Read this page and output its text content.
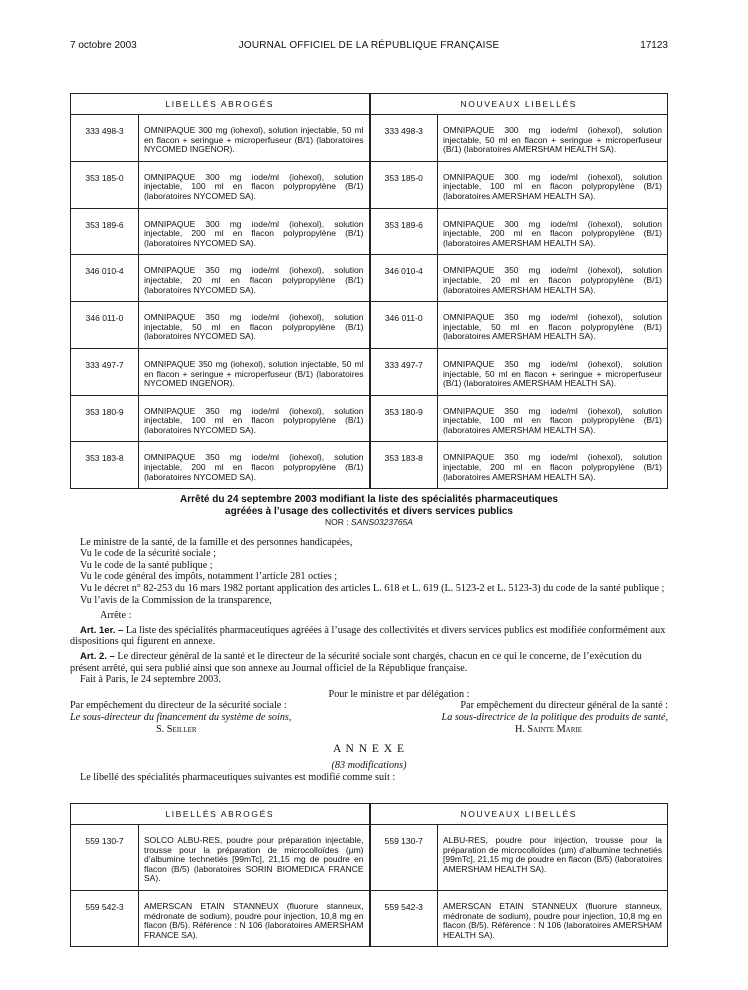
7 octobre 2003	JOURNAL OFFICIEL DE LA RÉPUBLIQUE FRANÇAISE	17123
LIBELLÉS ABROGÉS		NOUVEAUX LIBELLÉS	
333 498-3	OMNIPAQUE 300 mg (iohexol), solution injectable, 50 ml en flacon + seringue + microperfuseur (B/1) (laboratoires NYCOMED INGENOR).	333 498-3	OMNIPAQUE 300 mg iode/ml (iohexol), solution injectable, 50 ml en flacon + seringue + microperfuseur (B/1) (laboratoires AMERSHAM HEALTH SA).
353 185-0	OMNIPAQUE 300 mg iode/ml (iohexol), solution injectable, 100 ml en flacon polypropylène (B/1) (laboratoires NYCOMED SA).	353 185-0	OMNIPAQUE 300 mg iode/ml (iohexol), solution injectable, 100 ml en flacon polypropylène (B/1) (laboratoires AMERSHAM HEALTH SA).
353 189-6	OMNIPAQUE 300 mg iode/ml (iohexol), solution injectable, 200 ml en flacon polypropylène (B/1) (laboratoires NYCOMED SA).	353 189-6	OMNIPAQUE 300 mg iode/ml (iohexol), solution injectable, 200 ml en flacon polypropylène (B/1) (laboratoires AMERSHAM HEALTH SA).
346 010-4	OMNIPAQUE 350 mg iode/ml (iohexol), solution injectable, 20 ml en flacon polypropylène (B/1) (laboratoires NYCOMED SA).	346 010-4	OMNIPAQUE 350 mg iode/ml (iohexol), solution injectable, 20 ml en flacon polypropylène (B/1) (laboratoires AMERSHAM HEALTH SA).
346 011-0	OMNIPAQUE 350 mg iode/ml (iohexol), solution injectable, 50 ml en flacon polypropylène (B/1) (laboratoires NYCOMED SA).	346 011-0	OMNIPAQUE 350 mg iode/ml (iohexol), solution injectable, 50 ml en flacon polypropylène (B/1) (laboratoires AMERSHAM HEALTH SA).
333 497-7	OMNIPAQUE 350 mg (iohexol), solution injectable, 50 ml en flacon + seringue + microperfuseur (B/1) (laboratoires NYCOMED INGENOR).	333 497-7	OMNIPAQUE 350 mg iode/ml (iohexol), solution injectable, 50 ml en flacon + seringue + microperfuseur (B/1) (laboratoires AMERSHAM HEALTH SA).
353 180-9	OMNIPAQUE 350 mg iode/ml (iohexol), solution injectable, 100 ml en flacon polypropylène (B/1) (laboratoires NYCOMED SA).	353 180-9	OMNIPAQUE 350 mg iode/ml (iohexol), solution injectable, 100 ml en flacon polypropylène (B/1) (laboratoires AMERSHAM HEALTH SA).
353 183-8	OMNIPAQUE 350 mg iode/ml (iohexol), solution injectable, 200 ml en flacon polypropylène (B/1) (laboratoires NYCOMED SA).	353 183-8	OMNIPAQUE 350 mg iode/ml (iohexol), solution injectable, 200 ml en flacon polypropylène (B/1) (laboratoires AMERSHAM HEALTH SA).
Arrêté du 24 septembre 2003 modifiant la liste des spécialités pharmaceutiques
agréées à l’usage des collectivités et divers services publics
NOR : SANS0323765A
Le ministre de la santé, de la famille et des personnes handicapées,
Vu le code de la sécurité sociale ;
Vu le code de la santé publique ;
Vu le code général des impôts, notamment l’article 281 octies ;
Vu le décret n° 82-253 du 16 mars 1982 portant application des articles L. 618 et L. 619 (L. 5123-2 et L. 5123-3) du code de la santé publique ;
Vu l’avis de la Commission de la transparence,
Arrête :
Art. 1er. – La liste des spécialités pharmaceutiques agréées à l’usage des collectivités et divers services publics est modifiée conformément aux dispositions qui figurent en annexe.
Art. 2. – Le directeur général de la santé et le directeur de la sécurité sociale sont chargés, chacun en ce qui le concerne, de l’exécution du présent arrêté, qui sera publié ainsi que son annexe au Journal officiel de la République française.
Fait à Paris, le 24 septembre 2003.
Pour le ministre et par délégation :
Par empêchement du directeur de la sécurité sociale :
Le sous-directeur du financement du système de soins,
S. Seiller
Par empêchement du directeur général de la santé :
La sous-directrice de la politique des produits de santé,
H. Sainte Marie
A N N E X E
(83 modifications)
Le libellé des spécialités pharmaceutiques suivantes est modifié comme suit :
LIBELLÉS ABROGÉS		NOUVEAUX LIBELLÉS	
559 130-7	SOLCO ALBU-RES, poudre pour préparation injectable, trousse pour la préparation de microcolloïdes (µm) d’albumine technetiés [99mTc], 21,15 mg de poudre en flacon (B/5) (laboratoires SORIN BIOMEDICA FRANCE SA).	559 130-7	ALBU-RES, poudre pour injection, trousse pour la préparation de microcolloïdes (µm) d’albumine technetiés [99mTc], 21,15 mg de poudre en flacon (B/5) (laboratoires AMERSHAM HEALTH SA).
559 542-3	AMERSCAN ETAIN STANNEUX (fluorure stanneux, médronate de sodium), poudre pour injection, 10,8 mg en flacon (B/5). Référence : N 106 (laboratoires AMERSHAM FRANCE SA).	559 542-3	AMERSCAN ETAIN STANNEUX (fluorure stanneux, médronate de sodium), poudre pour injection, 10,8 mg en flacon (B/5). Référence : N 106 (laboratoires AMERSHAM HEALTH SA).
